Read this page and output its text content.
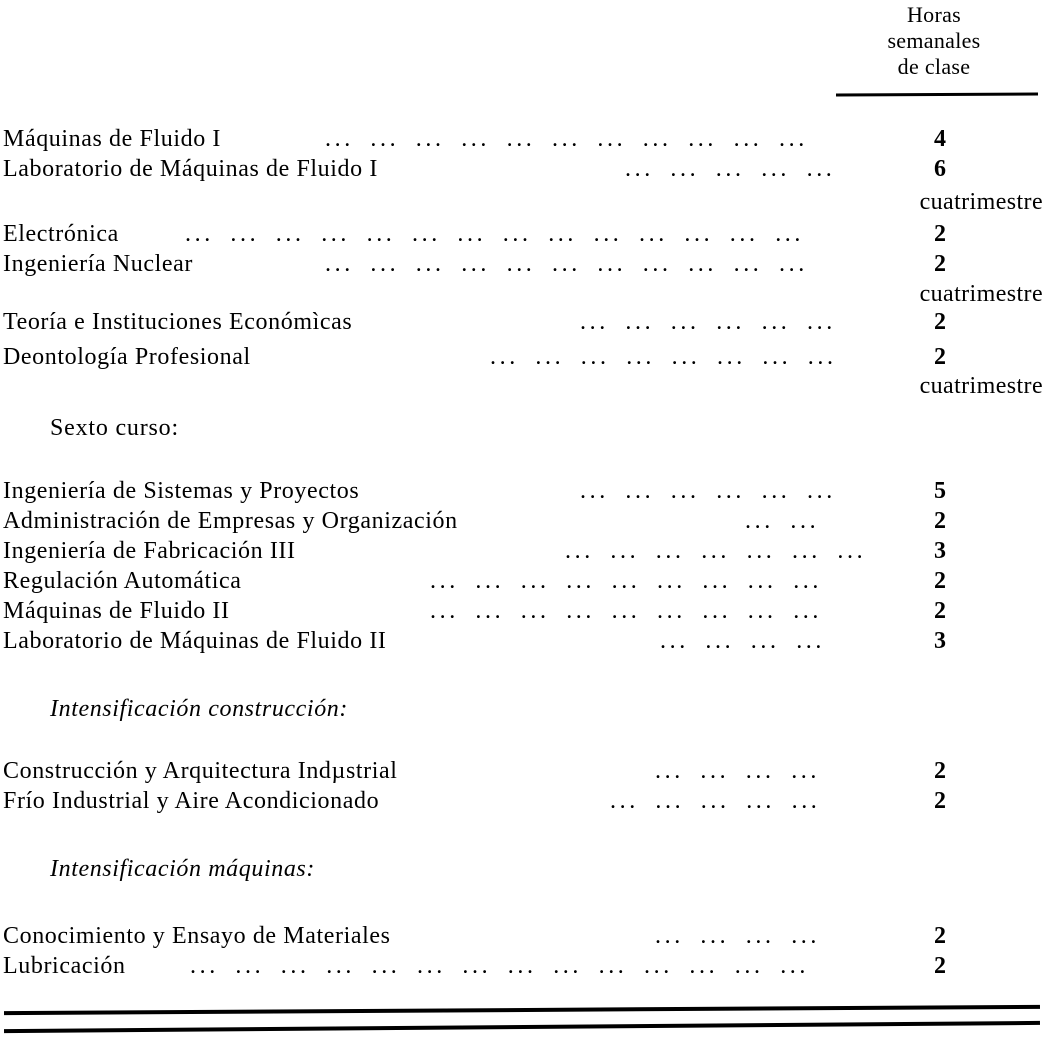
Horas
semanales
de clase
Máquinas de Fluido I	... ... ... ... ... ... ... ... ... ... ...	4
Laboratorio de Máquinas de Fluido I	... ... ... ... ...	6
cuatrimestre
Electrónica	... ... ... ... ... ... ... ... ... ... ... ... ... ...	2
Ingeniería Nuclear	... ... ... ... ... ... ... ... ... ... ...	2
cuatrimestre
Teoría e Instituciones Económìcas	... ... ... ... ... ...	2
Deontología Profesional	... ... ... ... ... ... ... ...	2
cuatrimestre
Sexto curso:
Ingeniería de Sistemas y Proyectos	... ... ... ... ... ...	5
Administración de Empresas y Organización	... ...	2
Ingeniería de Fabricación III	... ... ... ... ... ... ...	3
Regulación Automática	... ... ... ... ... ... ... ... ...	2
Máquinas de Fluido II	... ... ... ... ... ... ... ... ...	2
Laboratorio de Máquinas de Fluido II	... ... ... ...	3
Intensificación construcción:
Construcción y Arquitectura Indµstrial	... ... ... ...	2
Frío Industrial y Aire Acondicionado	... ... ... ... ...	2
Intensificación máquinas:
Conocimiento y Ensayo de Materiales	... ... ... ...	2
Lubricación	... ... ... ... ... ... ... ... ... ... ... ... ... ...	2
